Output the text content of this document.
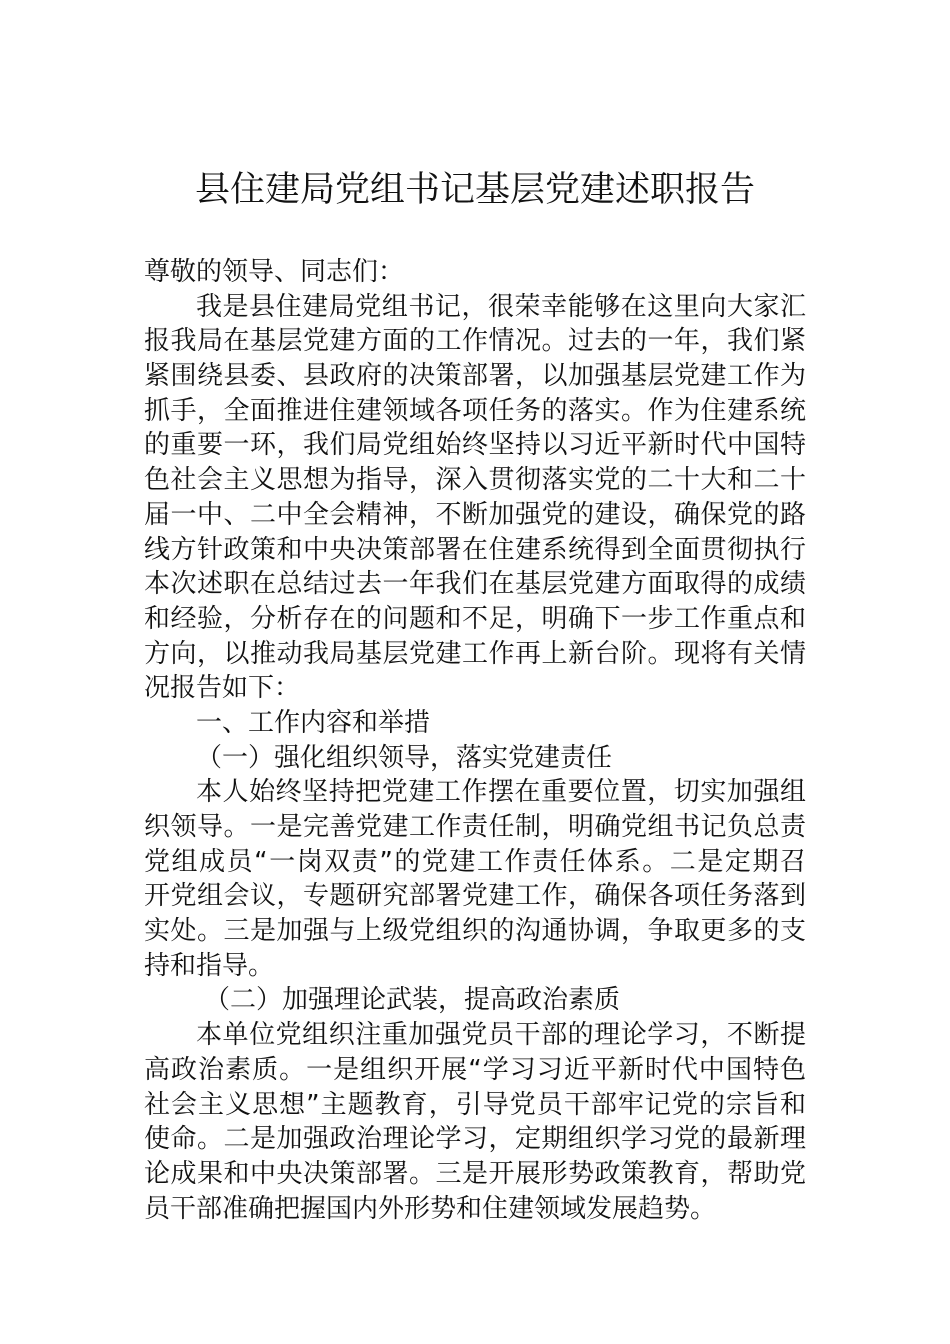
县住建局党组书记基层党建述职报告
尊敬的领导、同志们：
我是县住建局党组书记，很荣幸能够在这里向大家汇
报我局在基层党建方面的工作情况。过去的一年，我们紧
紧围绕县委、县政府的决策部署，以加强基层党建工作为
抓手，全面推进住建领域各项任务的落实。作为住建系统
的重要一环，我们局党组始终坚持以习近平新时代中国特
色社会主义思想为指导，深入贯彻落实党的二十大和二十
届一中、二中全会精神，不断加强党的建设，确保党的路
线方针政策和中央决策部署在住建系统得到全面贯彻执行
本次述职在总结过去一年我们在基层党建方面取得的成绩
和经验，分析存在的问题和不足，明确下一步工作重点和
方向，以推动我局基层党建工作再上新台阶。现将有关情
况报告如下：
一、工作内容和举措
（一）强化组织领导，落实党建责任
本人始终坚持把党建工作摆在重要位置，切实加强组
织领导。一是完善党建工作责任制，明确党组书记负总责
党组成员“一岗双责”的党建工作责任体系。二是定期召
开党组会议，专题研究部署党建工作，确保各项任务落到
实处。三是加强与上级党组织的沟通协调，争取更多的支
持和指导。
（二）加强理论武装，提高政治素质
本单位党组织注重加强党员干部的理论学习，不断提
高政治素质。一是组织开展“学习习近平新时代中国特色
社会主义思想”主题教育，引导党员干部牢记党的宗旨和
使命。二是加强政治理论学习，定期组织学习党的最新理
论成果和中央决策部署。三是开展形势政策教育，帮助党
员干部准确把握国内外形势和住建领域发展趋势。
